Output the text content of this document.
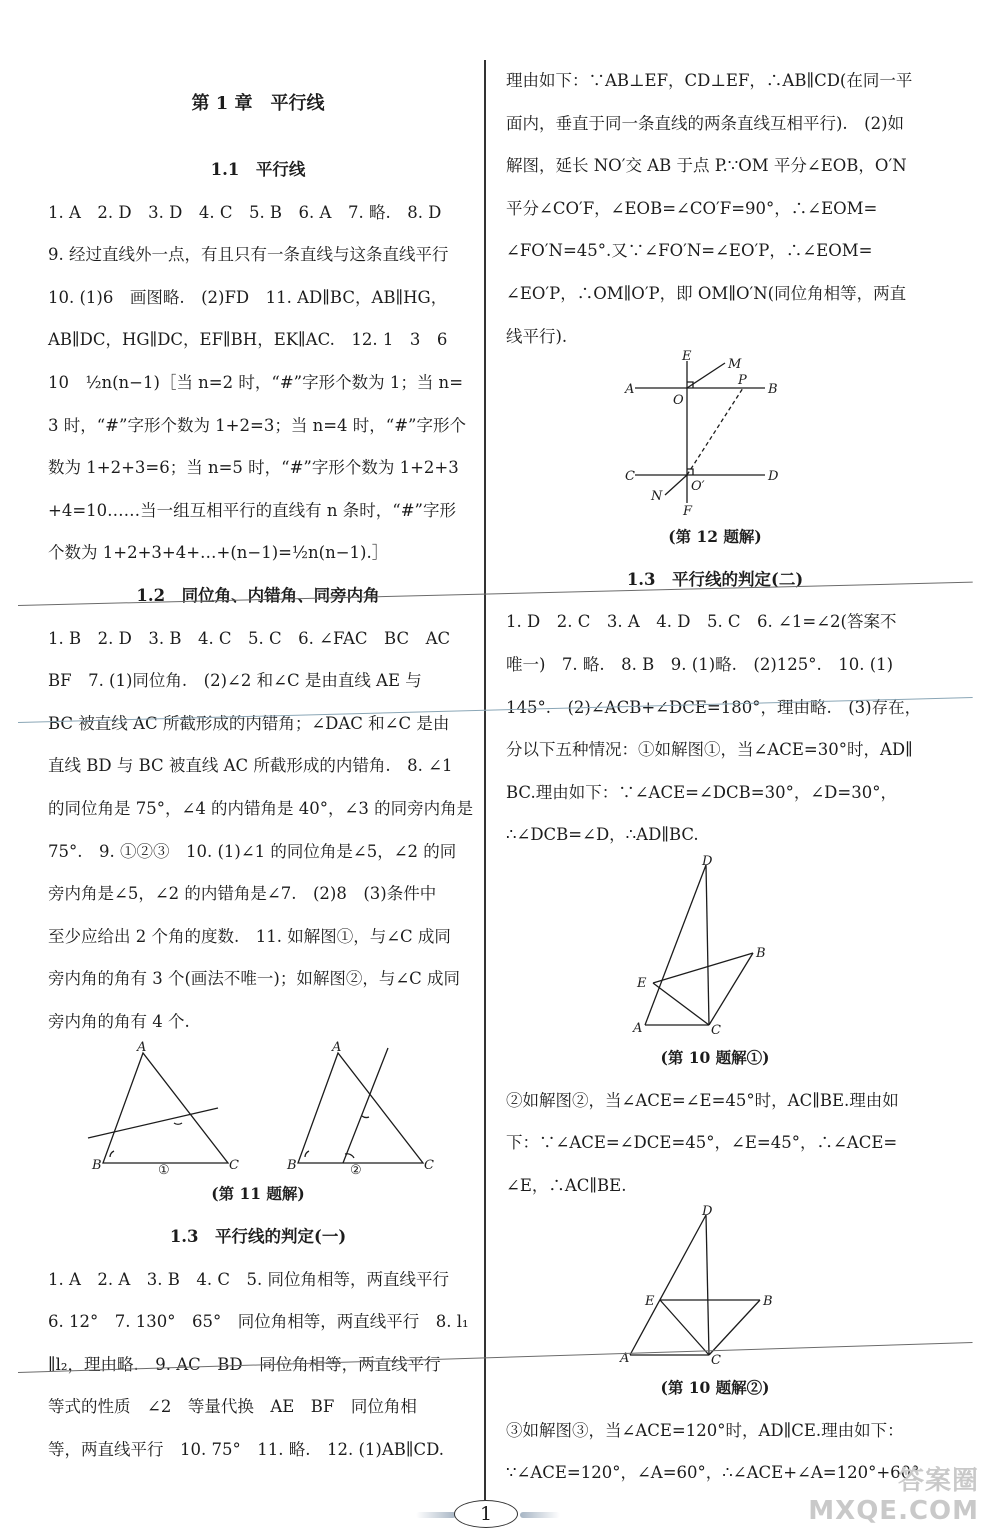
第 1 章　平行线
1.1　平行线
1. A　2. D　3. D　4. C　5. B　6. A　7. 略.　8. D
9. 经过直线外一点，有且只有一条直线与这条直线平行
10. (1)6　画图略.　(2)FD　11. AD∥BC，AB∥HG，
AB∥DC，HG∥DC，EF∥BH，EK∥AC.　12. 1　3　6
10　½n(n−1)［当 n=2 时，“#”字形个数为 1；当 n=
3 时，“#”字形个数为 1+2=3；当 n=4 时，“#”字形个
数为 1+2+3=6；当 n=5 时，“#”字形个数为 1+2+3
+4=10……当一组互相平行的直线有 n 条时，“#”字形
个数为 1+2+3+4+…+(n−1)=½n(n−1).］
1.2　同位角、内错角、同旁内角
1. B　2. D　3. B　4. C　5. C　6. ∠FAC　BC　AC
BF　7. (1)同位角.　(2)∠2 和∠C 是由直线 AE 与
BC 被直线 AC 所截形成的内错角；∠DAC 和∠C 是由
直线 BD 与 BC 被直线 AC 所截形成的内错角.　8. ∠1
的同位角是 75°，∠4 的内错角是 40°，∠3 的同旁内角是
75°.　9. ①②③　10. (1)∠1 的同位角是∠5，∠2 的同
旁内角是∠5，∠2 的内错角是∠7.　(2)8　(3)条件中
至少应给出 2 个角的度数.　11. 如解图①，与∠C 成同
旁内角的角有 3 个(画法不唯一)；如解图②，与∠C 成同
旁内角的角有 4 个.
A
B	C
①
A
B	C
②
(第 11 题解)
1.3　平行线的判定(一)
1. A　2. A　3. B　4. C　5. 同位角相等，两直线平行
6. 12°　7. 130°　65°　同位角相等，两直线平行　8. l₁
∥l₂，理由略.　9. AC　BD　同位角相等，两直线平行
等式的性质　∠2　等量代换　AE　BF　同位角相
等，两直线平行　10. 75°　11. 略.　12. (1)AB∥CD.
理由如下：∵AB⊥EF，CD⊥EF，∴AB∥CD(在同一平
面内，垂直于同一条直线的两条直线互相平行).　(2)如
解图，延长 NO′交 AB 于点 P.∵OM 平分∠EOB，O′N
平分∠CO′F，∠EOB=∠CO′F=90°，∴∠EOM=
∠FO′N=45°.又∵∠FO′N=∠EO′P，∴∠EOM=
∠EO′P，∴OM∥O′P，即 OM∥O′N(同位角相等，两直
线平行).
E
M
A
O
P
B
C
O′
D
N
F
(第 12 题解)
1.3　平行线的判定(二)
1. D　2. C　3. A　4. D　5. C　6. ∠1=∠2(答案不
唯一)　7. 略.　8. B　9. (1)略.　(2)125°.　10. (1)
145°.　(2)∠ACB+∠DCE=180°，理由略.　(3)存在，
分以下五种情况：①如解图①，当∠ACE=30°时，AD∥
BC.理由如下：∵∠ACE=∠DCB=30°，∠D=30°，
∴∠DCB=∠D，∴AD∥BC.
D
B
E
A	C
(第 10 题解①)
②如解图②，当∠ACE=∠E=45°时，AC∥BE.理由如
下：∵∠ACE=∠DCE=45°，∠E=45°，∴∠ACE=
∠E，∴AC∥BE.
D
E	B
A	C
(第 10 题解②)
③如解图③，当∠ACE=120°时，AD∥CE.理由如下：
∵∠ACE=120°，∠A=60°，∴∠ACE+∠A=120°+60°
1
答案圈
MXQE.COM
